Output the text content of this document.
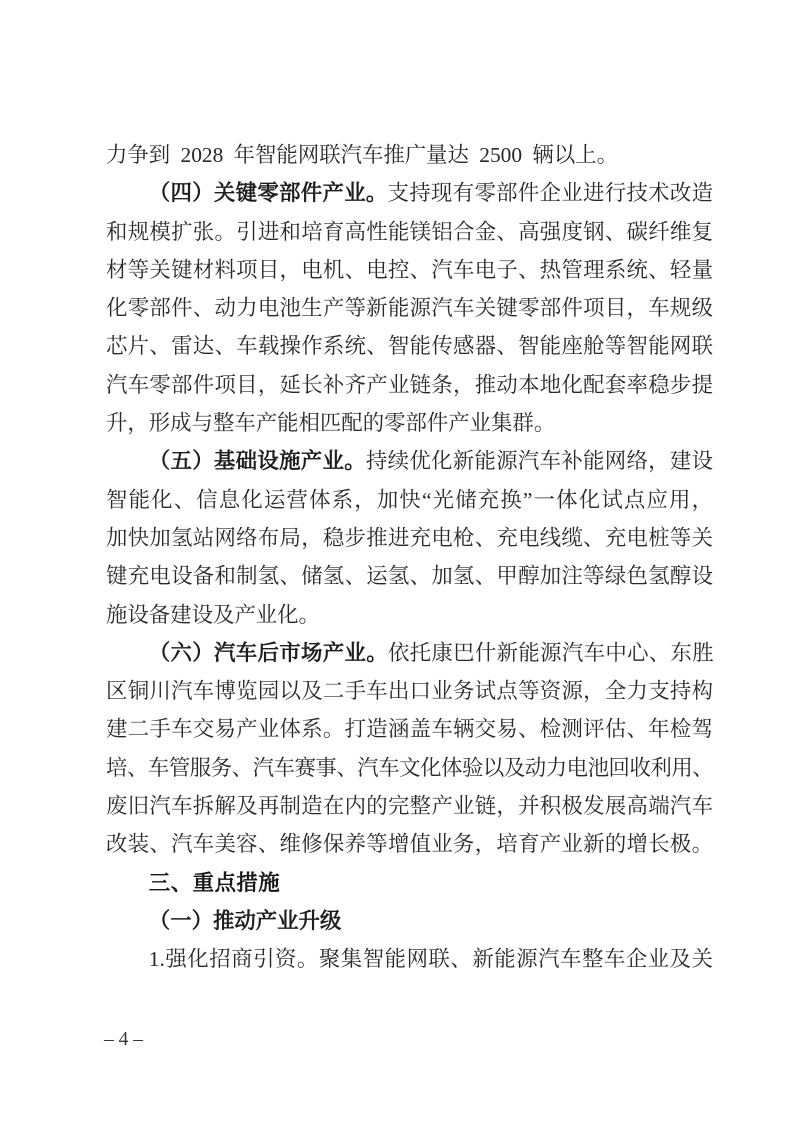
力争到 2028 年智能网联汽车推广量达 2500 辆以上。
（四）关键零部件产业。支持现有零部件企业进行技术改造
和规模扩张。引进和培育高性能镁铝合金、高强度钢、碳纤维复
材等关键材料项目，电机、电控、汽车电子、热管理系统、轻量
化零部件、动力电池生产等新能源汽车关键零部件项目，车规级
芯片、雷达、车载操作系统、智能传感器、智能座舱等智能网联
汽车零部件项目，延长补齐产业链条，推动本地化配套率稳步提
升，形成与整车产能相匹配的零部件产业集群。
（五）基础设施产业。持续优化新能源汽车补能网络，建设
智能化、信息化运营体系，加快“光储充换”一体化试点应用，
加快加氢站网络布局，稳步推进充电枪、充电线缆、充电桩等关
键充电设备和制氢、储氢、运氢、加氢、甲醇加注等绿色氢醇设
施设备建设及产业化。
（六）汽车后市场产业。依托康巴什新能源汽车中心、东胜
区铜川汽车博览园以及二手车出口业务试点等资源，全力支持构
建二手车交易产业体系。打造涵盖车辆交易、检测评估、年检驾
培、车管服务、汽车赛事、汽车文化体验以及动力电池回收利用、
废旧汽车拆解及再制造在内的完整产业链，并积极发展高端汽车
改装、汽车美容、维修保养等增值业务，培育产业新的增长极。
三、重点措施
（一）推动产业升级
1.强化招商引资。聚集智能网联、新能源汽车整车企业及关
– 4 –
